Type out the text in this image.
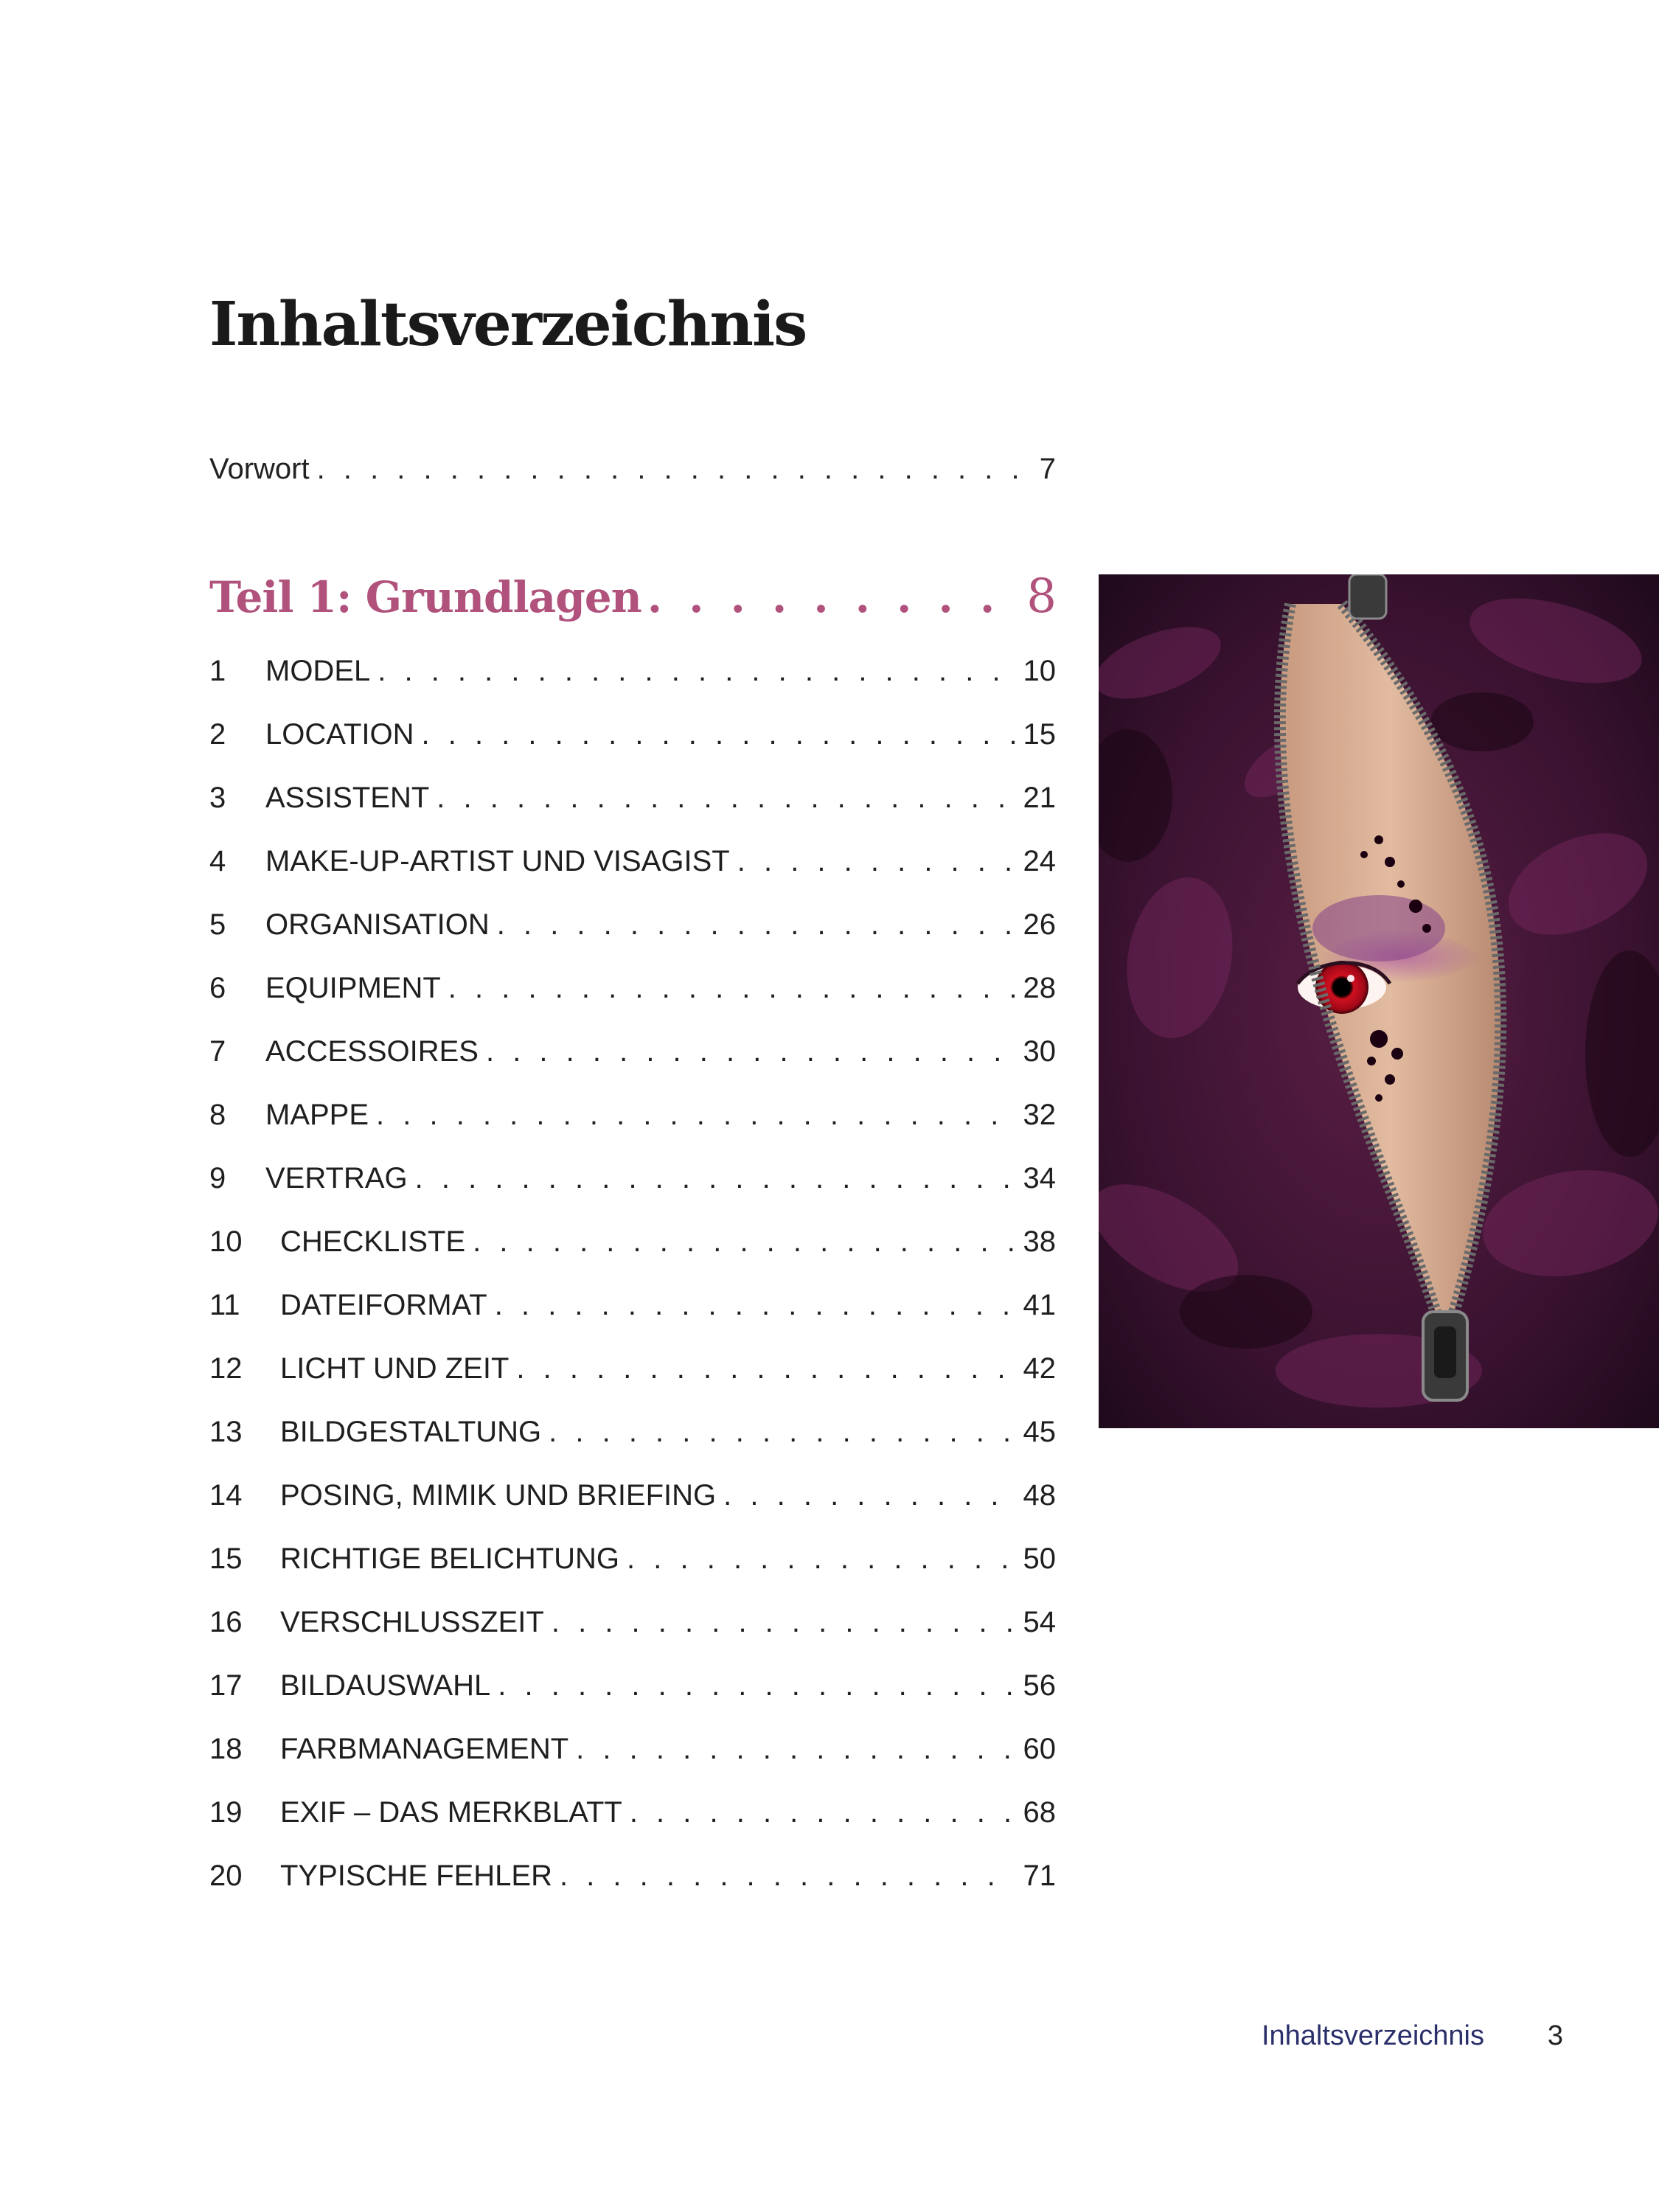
Inhaltsverzeichnis
Vorwort . . .	7
Teil 1: Grundlagen . . .	8
1	MODEL . . .	10
2	LOCATION . . .	15
3	ASSISTENT . . .	21
4	MAKE-UP-ARTIST UND VISAGIST . . .	24
5	ORGANISATION . . .	26
6	EQUIPMENT . . .	28
7	ACCESSOIRES . . .	30
8	MAPPE . . .	32
9	VERTRAG . . .	34
10	CHECKLISTE . . .	38
11	DATEIFORMAT . . .	41
12	LICHT UND ZEIT . . .	42
13	BILDGESTALTUNG . . .	45
14	POSING, MIMIK UND BRIEFING . . .	48
15	RICHTIGE BELICHTUNG . . .	50
16	VERSCHLUSSZEIT . . .	54
17	BILDAUSWAHL . . .	56
18	FARBMANAGEMENT . . .	60
19	EXIF – DAS MERKBLATT . . .	68
20	TYPISCHE FEHLER . . .	71
Inhaltsverzeichnis 3
